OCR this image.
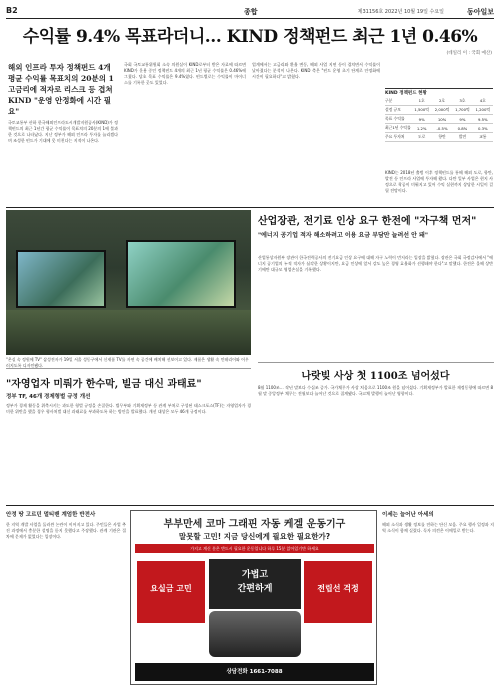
B2	종합	제31156호 2022년 10월 19일 수요일	동아일보
수익률 9.4% 목표라더니… KIND 정책펀드 최근 1년 0.46%
(데일리 이 : 국회 예산)
해외 인프라 투자 정책펀드 4개 평균 수익률 목표치의 20분의 1 고금리에 적자로 리스크 등 겹쳐 KIND "운영 안정화에 시간 필요"
국토교통부 산하 한국해외인프라도시개발지원공사(KIND)가 정책펀드의 최근 1년간 평균 수익률이 목표치의 20분의 1에 불과한 것으로 나타났다. 지난 정부가 해외 인프라 투자를 늘리겠다며 조성한 펀드가 기대에 못 미친다는 지적이 나온다.
국회 국토교통위원회 소속 의원실이 KIND로부터 받은 자료에 따르면 KIND가 운용 중인 정책펀드 4개의 최근 1년 평균 수익률은 0.46%에 그쳤다. 당초 목표 수익률은 9.4%였다. 펀드별로는 수익률이 마이너스를 기록한 곳도 있었다.
업계에서는 고금리와 환율 변동, 해외 사업 지연 등이 겹치면서 수익률이 낮아졌다는 분석이 나온다. KIND 측은 "펀드 운영 초기 단계로 안정화에 시간이 필요하다"고 밝혔다.
KIND는 2018년 출범 이후 정책펀드를 통해 해외 도로, 항만, 발전 등 인프라 사업에 투자해 왔다. 다만 일부 사업은 현지 사정으로 착공이 미뤄지고 있어 수익 실현까지 상당한 시일이 걸릴 전망이다.
KIND 정책펀드 현황
구분	1호	2호	3호	4호
설정 규모	1,500억	2,000억	1,700억	1,200억
목표 수익률	9%	10%	9%	9.5%
최근1년 수익률	1.2%	-0.5%	0.8%	0.3%
주요 투자처	도로	항만	발전	교통
"온실 속 정원에 TV" 삼성전자가 19일 서울 성동구에서 신제품 TV를 자연 속 공간에 배치해 선보이고 있다. 제품은 생활 속 인테리어와 어우러지도록 디자인됐다.
산업장관, 전기료 인상 요구 한전에 "자구책 먼저"
"에너지 공기업 적자 해소하려고 이용 요금 부담만 늘려선 안 돼"
산업통상자원부 장관이 한국전력공사의 전기요금 인상 요구에 대해 자구 노력이 먼저라는 입장을 밝혔다. 장관은 국회 국정감사에서 "에너지 공기업의 누적 적자가 심각한 상황이지만, 요금 인상에 앞서 강도 높은 경영 효율화가 선행돼야 한다"고 말했다. 한전은 올해 상반기에만 대규모 영업손실을 기록했다.
나랏빚 사상 첫 1100조 넘어섰다
8월 1100조… 작년 말보다 수십조 증가. 국가채무가 사상 처음으로 1100조 원을 넘어섰다. 기획재정부가 발표한 재정동향에 따르면 8월 말 중앙정부 채무는 전월보다 늘어난 것으로 집계됐다. 국고채 발행이 늘어난 영향이다.
"자영업자 미뤄가 한수막, 빌금 대신 과태료"
정부 TF, 46개 경제형벌 규정 개선
정부가 경제 활동을 위축시키는 과도한 형벌 규정을 손질한다. 법무부와 기획재정부 등 관계 부처로 구성된 태스크포스(TF)는 자영업자가 경미한 위반을 했을 경우 형사처벌 대신 과태료를 부과하도록 하는 방안을 발표했다. 개선 대상은 모두 46개 규정이다.
안정 땅 고르던 멀티밴 계엄한 반전사
한 지역 개발 사업을 둘러싼 논란이 이어지고 있다. 주민들은 사업 추진 과정에서 충분한 설명을 듣지 못했다고 주장했다. 관계 기관은 절차에 문제가 없었다는 입장이다.
부부만세 코마 그래핀 자동 케겔 운동기구
말못할 고민! 지금 당신에게 필요한 필요한가?
가지고 계신 분은 반드시 필요한 운동입니다 하루 15분 앉아있기만 하세요
요실금 고민
가볍고
간편하게	전립선 걱정
상담전화 1661-7088
이세는 늘어난 아세의
해외 소식과 생활 정보를 전하는 단신 모음. 주요 행사 일정과 지역 소식이 함께 실렸다. 독자 의견은 이메일로 받는다.
